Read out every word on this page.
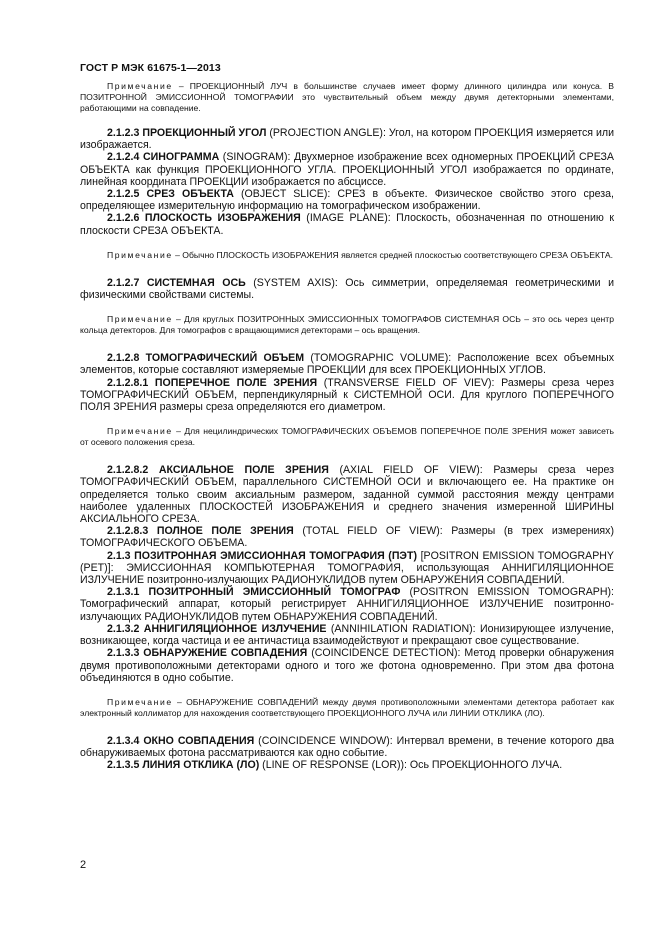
ГОСТ Р МЭК 61675-1—2013

Примечание – ПРОЕКЦИОННЫЙ ЛУЧ в большинстве случаев имеет форму длинного цилиндра или конуса. В ПОЗИТРОННОЙ ЭМИССИОННОЙ ТОМОГРАФИИ это чувствительный объем между двумя детекторными элементами, работающими на совпадение.

2.1.2.3 ПРОЕКЦИОННЫЙ УГОЛ (PROJECTION ANGLE): Угол, на котором ПРОЕКЦИЯ измеряется или изображается.

2.1.2.4 СИНОГРАММА (SINOGRAM): Двухмерное изображение всех одномерных ПРОЕКЦИЙ СРЕЗА ОБЪЕКТА как функция ПРОЕКЦИОННОГО УГЛА. ПРОЕКЦИОННЫЙ УГОЛ изображается по ординате, линейная координата ПРОЕКЦИИ изображается по абсциссе.

2.1.2.5 СРЕЗ ОБЪЕКТА (OBJECT SLICE): СРЕЗ в объекте. Физическое свойство этого среза, определяющее измерительную информацию на томографическом изображении.

2.1.2.6 ПЛОСКОСТЬ ИЗОБРАЖЕНИЯ (IMAGE PLANE): Плоскость, обозначенная по отношению к плоскости СРЕЗА ОБЪЕКТА.

Примечание – Обычно ПЛОСКОСТЬ ИЗОБРАЖЕНИЯ является средней плоскостью соответствующего СРЕЗА ОБЪЕКТА.

2.1.2.7 СИСТЕМНАЯ ОСЬ (SYSTEM AXIS): Ось симметрии, определяемая геометрическими и физическими свойствами системы.

Примечание – Для круглых ПОЗИТРОННЫХ ЭМИССИОННЫХ ТОМОГРАФОВ СИСТЕМНАЯ ОСЬ – это ось через центр кольца детекторов. Для томографов с вращающимися детекторами – ось вращения.

2.1.2.8 ТОМОГРАФИЧЕСКИЙ ОБЪЕМ (TOMOGRAPHIC VOLUME): Расположение всех объемных элементов, которые составляют измеряемые ПРОЕКЦИИ для всех ПРОЕКЦИОННЫХ УГЛОВ.

2.1.2.8.1 ПОПЕРЕЧНОЕ ПОЛЕ ЗРЕНИЯ (TRANSVERSE FIELD OF VIEV): Размеры среза через ТОМОГРАФИЧЕСКИЙ ОБЪЕМ, перпендикулярный к СИСТЕМНОЙ ОСИ. Для круглого ПОПЕРЕЧНОГО ПОЛЯ ЗРЕНИЯ размеры среза определяются его диаметром.

Примечание – Для нецилиндрических ТОМОГРАФИЧЕСКИХ ОБЪЕМОВ ПОПЕРЕЧНОЕ ПОЛЕ ЗРЕНИЯ может зависеть от осевого положения среза.

2.1.2.8.2 АКСИАЛЬНОЕ ПОЛЕ ЗРЕНИЯ (AXIAL FIELD OF VIEW): Размеры среза через ТОМОГРАФИЧЕСКИЙ ОБЪЕМ, параллельного СИСТЕМНОЙ ОСИ и включающего ее. На практике он определяется только своим аксиальным размером, заданной суммой расстояния между центрами наиболее удаленных ПЛОСКОСТЕЙ ИЗОБРАЖЕНИЯ и среднего значения измеренной ШИРИНЫ АКСИАЛЬНОГО СРЕЗА.

2.1.2.8.3 ПОЛНОЕ ПОЛЕ ЗРЕНИЯ (TOTAL FIELD OF VIEW): Размеры (в трех измерениях) ТОМОГРАФИЧЕСКОГО ОБЪЕМА.

2.1.3 ПОЗИТРОННАЯ ЭМИССИОННАЯ ТОМОГРАФИЯ (ПЭТ) [POSITRON EMISSION TOMOGRAPHY (PET)]: ЭМИССИОННАЯ КОМПЬЮТЕРНАЯ ТОМОГРАФИЯ, использующая АННИГИЛЯЦИОННОЕ ИЗЛУЧЕНИЕ позитронно-излучающих РАДИОНУКЛИДОВ путем ОБНАРУЖЕНИЯ СОВПАДЕНИЙ.

2.1.3.1 ПОЗИТРОННЫЙ ЭМИССИОННЫЙ ТОМОГРАФ (POSITRON EMISSION TOMOGRAPH): Томографический аппарат, который регистрирует АННИГИЛЯЦИОННОЕ ИЗЛУЧЕНИЕ позитронно-излучающих РАДИОНУКЛИДОВ путем ОБНАРУЖЕНИЯ СОВПАДЕНИЙ.

2.1.3.2 АННИГИЛЯЦИОННОЕ ИЗЛУЧЕНИЕ (ANNIHILATION RADIATION): Ионизирующее излучение, возникающее, когда частица и ее античастица взаимодействуют и прекращают свое существование.

2.1.3.3 ОБНАРУЖЕНИЕ СОВПАДЕНИЯ (COINCIDENCE DETECTION): Метод проверки обнаружения двумя противоположными детекторами одного и того же фотона одновременно. При этом два фотона объединяются в одно событие.

Примечание – ОБНАРУЖЕНИЕ СОВПАДЕНИЙ между двумя противоположными элементами детектора работает как электронный коллиматор для нахождения соответствующего ПРОЕКЦИОННОГО ЛУЧА или ЛИНИИ ОТКЛИКА (ЛО).

2.1.3.4 ОКНО СОВПАДЕНИЯ (COINCIDENCE WINDOW): Интервал времени, в течение которого два обнаруживаемых фотона рассматриваются как одно событие.

2.1.3.5 ЛИНИЯ ОТКЛИКА (ЛО) (LINE OF RESPONSE (LOR)): Ось ПРОЕКЦИОННОГО ЛУЧА.

2
